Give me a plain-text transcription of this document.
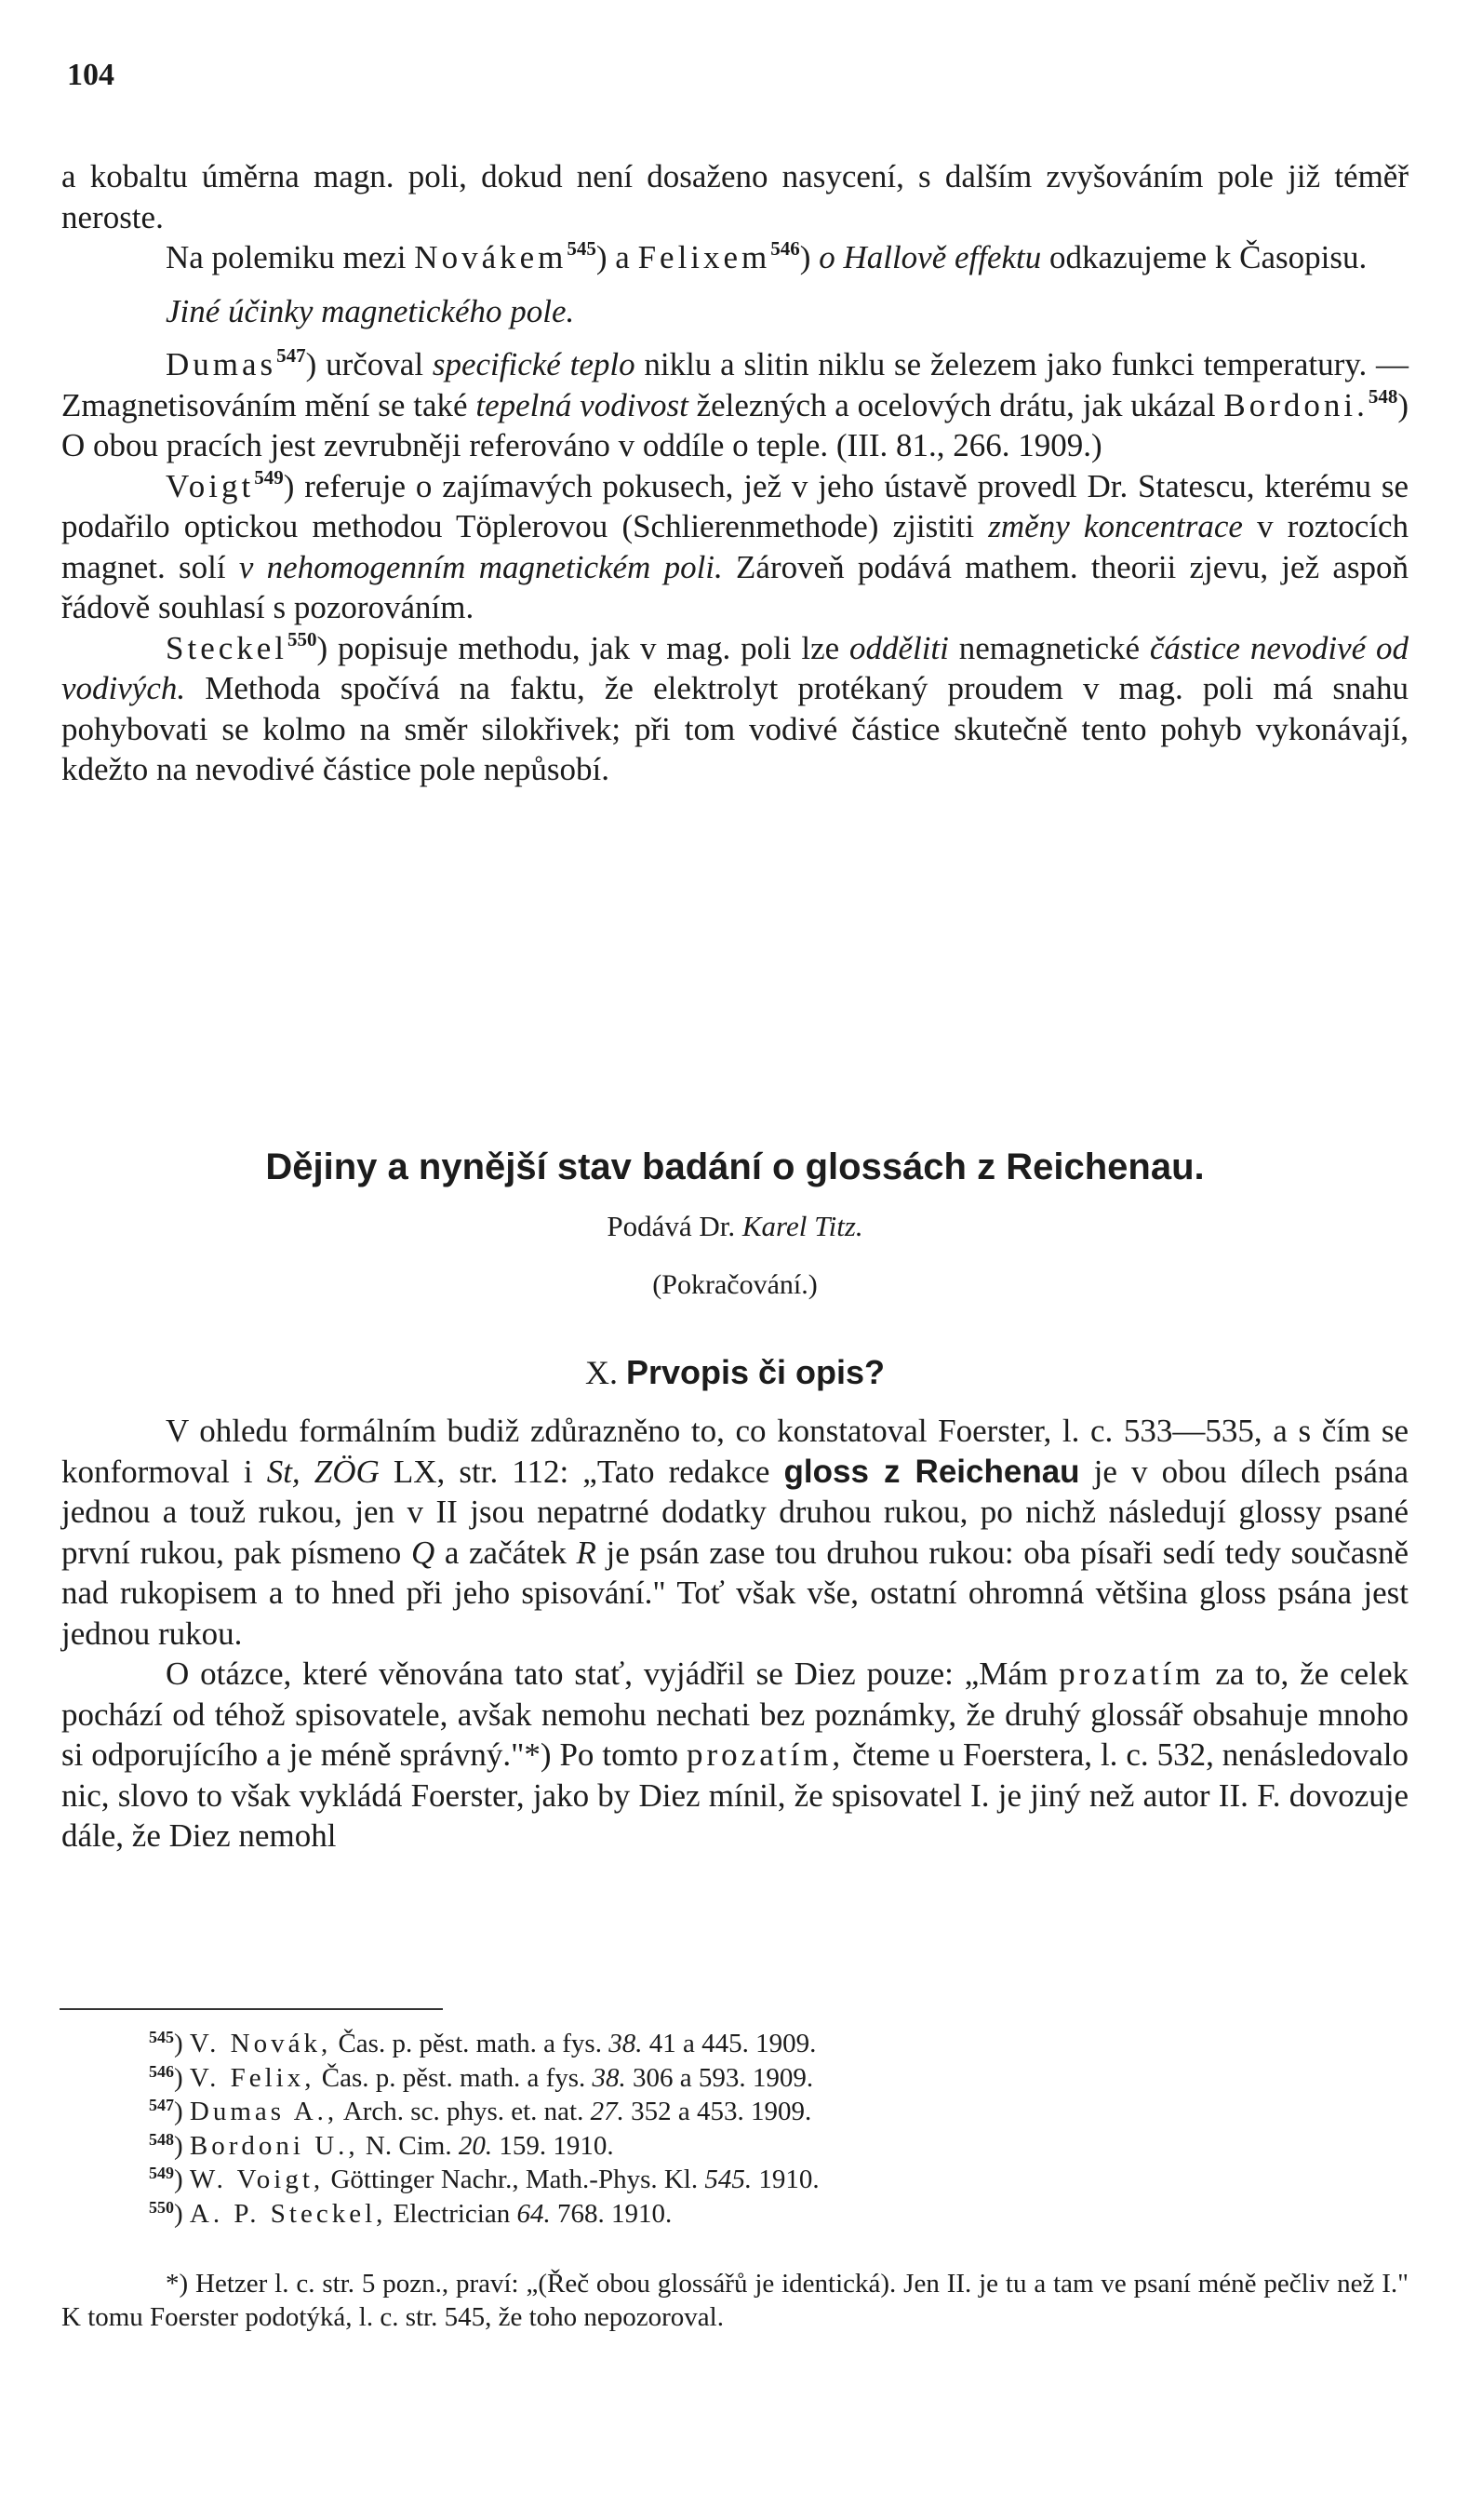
104

a kobaltu úměrna magn. poli, dokud není dosaženo nasycení, s dalším zvyšováním pole již téměř neroste.

Na polemiku mezi Novákem$^{545}$) a Felixem$^{546}$) o Hallově effektu odkazujeme k Časopisu.

Jiné účinky magnetického pole.

Dumas$^{547}$) určoval specifické teplo niklu a slitin niklu se železem jako funkci temperatury. — Zmagnetisováním mění se také tepelná vodivost železných a ocelových drátu, jak ukázal Bordoni.$^{548}$) O obou pracích jest zevrubněji referováno v oddíle o teple. (III. 81., 266. 1909.)

Voigt$^{549}$) referuje o zajímavých pokusech, jež v jeho ústavě provedl Dr. Statescu, kterému se podařilo optickou methodou Töplerovou (Schlierenmethode) zjistiti změny koncentrace v roztocích magnet. solí v nehomogenním magnetickém poli. Zároveň podává mathem. theorii zjevu, jež aspoň řádově souhlasí s pozorováním.

Steckel$^{550}$) popisuje methodu, jak v mag. poli lze odděliti nemagnetické částice nevodivé od vodivých. Methoda spočívá na faktu, že elektrolyt protékaný proudem v mag. poli má snahu pohybovati se kolmo na směr silokřivek; při tom vodivé částice skutečně tento pohyb vykonávají, kdežto na nevodivé částice pole nepůsobí.

Dějiny a nynější stav badání o glossách z Reichenau.
Podává Dr. Karel Titz.
(Pokračování.)
X. Prvopis či opis?

V ohledu formálním budiž zdůrazněno to, co konstatoval Foerster, l. c. 533—535, a s čím se konformoval i St, ZÖG LX, str. 112: „Tato redakce gloss z Reichenau je v obou dílech psána jednou a touž rukou, jen v II jsou nepatrné dodatky druhou rukou, po nichž následují glossy psané první rukou, pak písmeno Q a začátek R je psán zase tou druhou rukou: oba písaři sedí tedy současně nad rukopisem a to hned při jeho spisování." Toť však vše, ostatní ohromná většina gloss psána jest jednou rukou.

O otázce, které věnována tato stať, vyjádřil se Diez pouze: „Mám prozatím za to, že celek pochází od téhož spisovatele, avšak nemohu nechati bez poznámky, že druhý glossář obsahuje mnoho si odporujícího a je méně správný."*) Po tomto prozatím, čteme u Foerstera, l. c. 532, nenásledovalo nic, slovo to však vykládá Foerster, jako by Diez mínil, že spisovatel I. je jiný než autor II. F. dovozuje dále, že Diez nemohl

$^{545}$) V. Novák, Čas. p. pěst. math. a fys. 38. 41 a 445. 1909.
$^{546}$) V. Felix, Čas. p. pěst. math. a fys. 38. 306 a 593. 1909.
$^{547}$) Dumas A., Arch. sc. phys. et. nat. 27. 352 a 453. 1909.
$^{548}$) Bordoni U., N. Cim. 20. 159. 1910.
$^{549}$) W. Voigt, Göttinger Nachr., Math.-Phys. Kl. 545. 1910.
$^{550}$) A. P. Steckel, Electrician 64. 768. 1910.

*) Hetzer l. c. str. 5 pozn., praví: „(Řeč obou glossářů je identická). Jen II. je tu a tam ve psaní méně pečliv než I." K tomu Foerster podotýká, l. c. str. 545, že toho nepozoroval.
